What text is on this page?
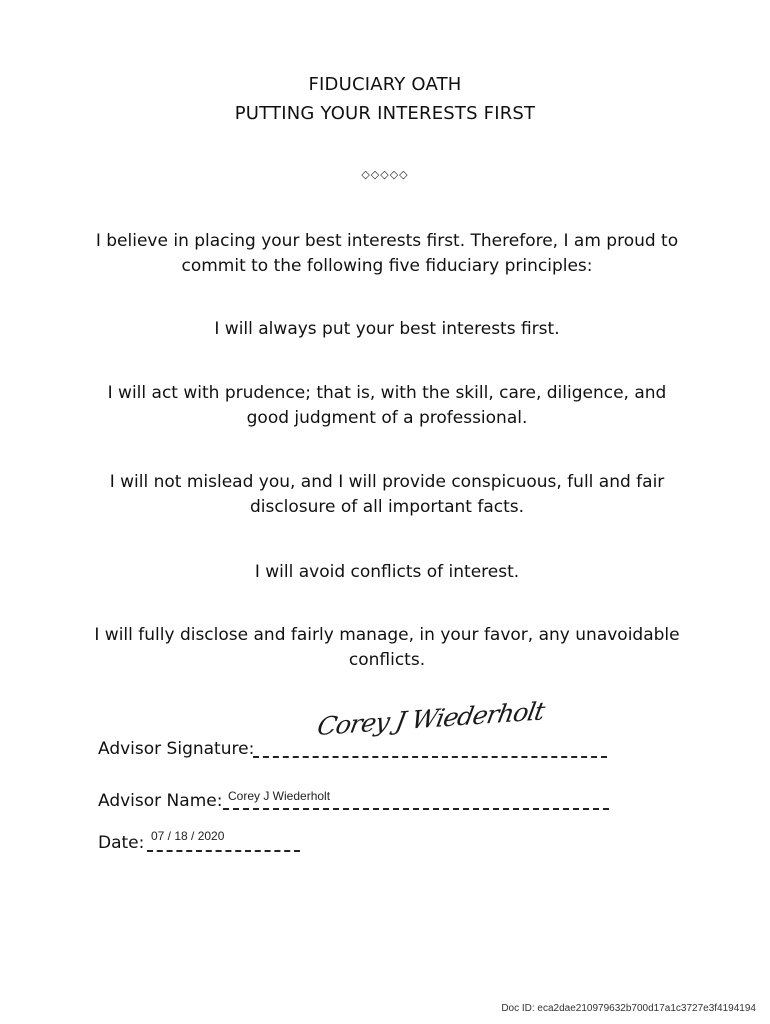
FIDUCIARY OATH
PUTTING YOUR INTERESTS FIRST
◇◇◇◇◇
I believe in placing your best interests first. Therefore, I am proud to commit to the following five fiduciary principles:
I will always put your best interests first.
I will act with prudence; that is, with the skill, care, diligence, and good judgment of a professional.
I will not mislead you, and I will provide conspicuous, full and fair disclosure of all important facts.
I will avoid conflicts of interest.
I will fully disclose and fairly manage, in your favor, any unavoidable conflicts.
Advisor Signature:
Corey J Wiederholt
Advisor Name: Corey J Wiederholt
Date: 07 / 18 / 2020
Doc ID: eca2dae210979632b700d17a1c3727e3f4194194
